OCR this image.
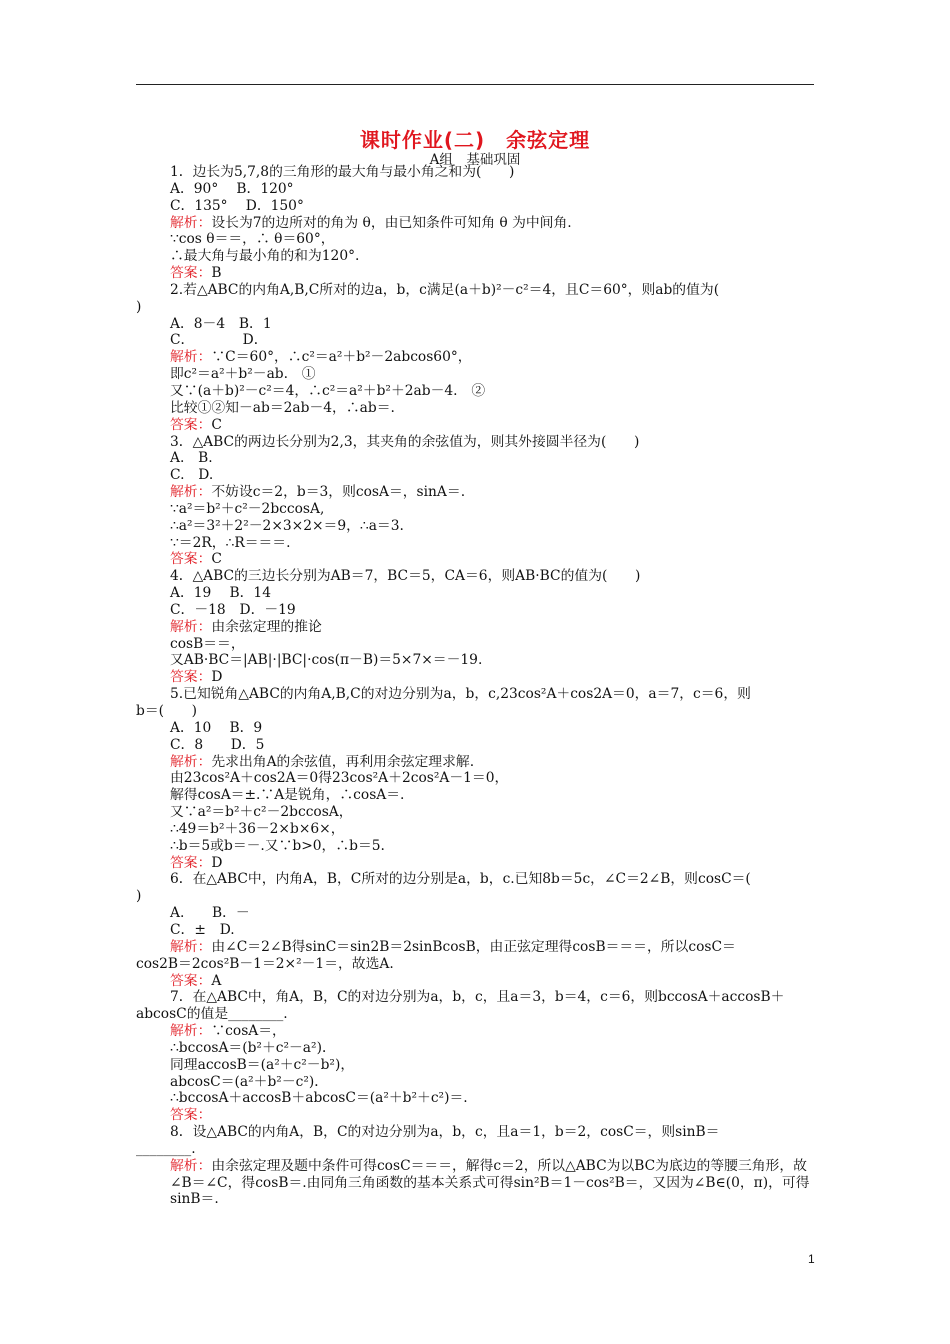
课时作业(二)　余弦定理
A组　基础巩固
1．边长为5,7,8的三角形的最大角与最小角之和为(　　)
A．90°　 B．120°
C．135°　 D．150°
解析：设长为7的边所对的角为 θ，由已知条件可知角 θ 为中间角.
∵cos θ＝＝，∴ θ＝60°，
∴最大角与最小角的和为120°.
答案：B
2.若△ABC的内角A,B,C所对的边a，b，c满足(a＋b)²－c²＝4，且C＝60°，则ab的值为(
)
A．8－4　B．1
C．　　　　D．
解析：∵C＝60°，∴c²＝a²＋b²－2abcos60°，
即c²＝a²＋b²－ab.　①
又∵(a＋b)²－c²＝4，∴c²＝a²＋b²＋2ab－4.　②
比较①②知－ab＝2ab－4，∴ab＝.
答案：C
3．△ABC的两边长分别为2,3，其夹角的余弦值为，则其外接圆半径为(　　)
A.　B.
C.　D.
解析：不妨设c＝2，b＝3，则cosA＝，sinA＝.
∵a²＝b²＋c²－2bccosA,
∴a²＝3²＋2²－2×3×2×＝9，∴a＝3.
∵＝2R，∴R＝＝＝.
答案：C
4．△ABC的三边长分别为AB＝7，BC＝5，CA＝6，则AB·BC的值为(　　)
A．19　 B．14
C．－18　D．－19
解析：由余弦定理的推论
cosB＝＝，
又AB·BC＝|AB|·|BC|·cos(π－B)＝5×7×＝－19.
答案：D
5.已知锐角△ABC的内角A,B,C的对边分别为a，b，c,23cos²A＋cos2A＝0，a＝7，c＝6，则
b＝(　　)
A．10　 B．9
C．8　　D．5
解析：先求出角A的余弦值，再利用余弦定理求解.
由23cos²A＋cos2A＝0得23cos²A＋2cos²A－1＝0，
解得cosA＝±.∵A是锐角，∴cosA＝.
又∵a²＝b²＋c²－2bccosA，
∴49＝b²＋36－2×b×6×，
∴b＝5或b＝－.又∵b>0，∴b＝5.
答案：D
6．在△ABC中，内角A，B，C所对的边分别是a，b，c.已知8b＝5c，∠C＝2∠B，则cosC＝(
)
A.　　B．－
C．±　D.
解析：由∠C＝2∠B得sinC＝sin2B＝2sinBcosB，由正弦定理得cosB＝＝＝，所以cosC＝
cos2B＝2cos²B－1＝2×²－1＝，故选A.
答案：A
7．在△ABC中，角A，B，C的对边分别为a，b，c，且a＝3，b＝4，c＝6，则bccosA＋accosB＋
abcosC的值是________.
解析：∵cosA＝，
∴bccosA＝(b²＋c²－a²)．
同理accosB＝(a²＋c²－b²)，
abcosC＝(a²＋b²－c²)．
∴bccosA＋accosB＋abcosC＝(a²＋b²＋c²)＝.
答案：
8．设△ABC的内角A，B，C的对边分别为a，b，c，且a＝1，b＝2，cosC＝，则sinB＝
________.
解析：由余弦定理及题中条件可得cosC＝＝＝，解得c＝2，所以△ABC为以BC为底边的等腰三角形，故∠B＝∠C，得cosB＝.由同角三角函数的基本关系式可得sin²B＝1－cos²B＝，又因为∠B∈(0，π)，可得sinB＝.
1
